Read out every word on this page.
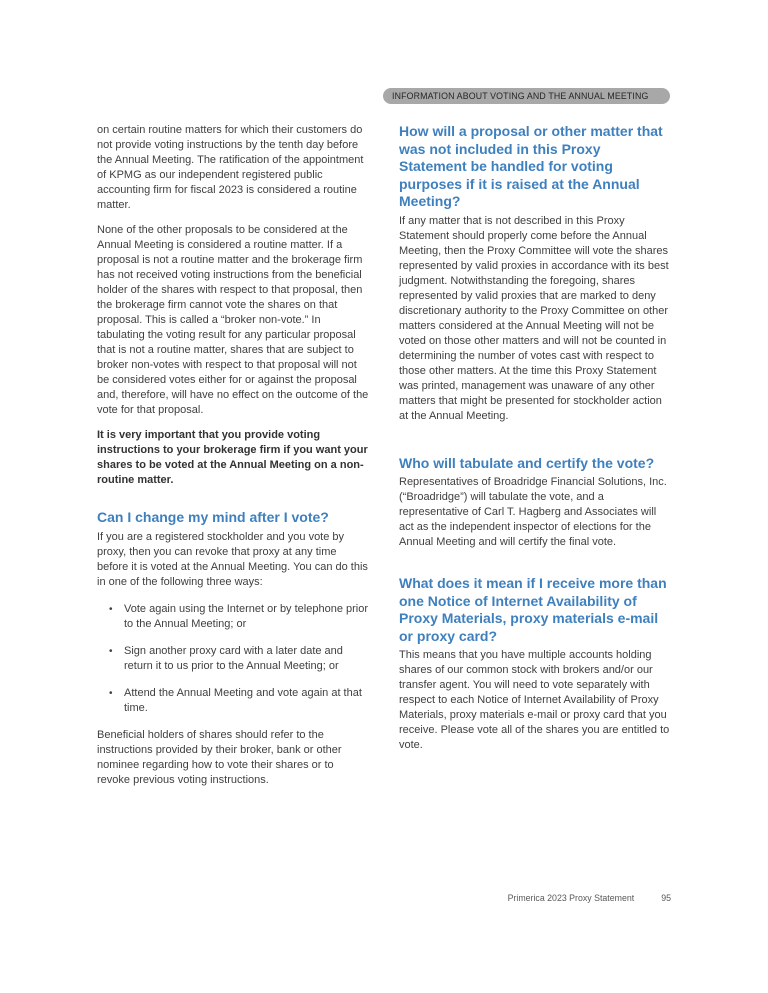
INFORMATION ABOUT VOTING AND THE ANNUAL MEETING

on certain routine matters for which their customers do not provide voting instructions by the tenth day before the Annual Meeting. The ratification of the appointment of KPMG as our independent registered public accounting firm for fiscal 2023 is considered a routine matter.

None of the other proposals to be considered at the Annual Meeting is considered a routine matter. If a proposal is not a routine matter and the brokerage firm has not received voting instructions from the beneficial holder of the shares with respect to that proposal, then the brokerage firm cannot vote the shares on that proposal. This is called a “broker non-vote.” In tabulating the voting result for any particular proposal that is not a routine matter, shares that are subject to broker non-votes with respect to that proposal will not be considered votes either for or against the proposal and, therefore, will have no effect on the outcome of the vote for that proposal.

It is very important that you provide voting instructions to your brokerage firm if you want your shares to be voted at the Annual Meeting on a non-routine matter.

Can I change my mind after I vote?

If you are a registered stockholder and you vote by proxy, then you can revoke that proxy at any time before it is voted at the Annual Meeting. You can do this in one of the following three ways:

•	Vote again using the Internet or by telephone prior to the Annual Meeting; or
•	Sign another proxy card with a later date and return it to us prior to the Annual Meeting; or
•	Attend the Annual Meeting and vote again at that time.

Beneficial holders of shares should refer to the instructions provided by their broker, bank or other nominee regarding how to vote their shares or to revoke previous voting instructions.

How will a proposal or other matter that was not included in this Proxy Statement be handled for voting purposes if it is raised at the Annual Meeting?

If any matter that is not described in this Proxy Statement should properly come before the Annual Meeting, then the Proxy Committee will vote the shares represented by valid proxies in accordance with its best judgment. Notwithstanding the foregoing, shares represented by valid proxies that are marked to deny discretionary authority to the Proxy Committee on other matters considered at the Annual Meeting will not be voted on those other matters and will not be counted in determining the number of votes cast with respect to those other matters. At the time this Proxy Statement was printed, management was unaware of any other matters that might be presented for stockholder action at the Annual Meeting.

Who will tabulate and certify the vote?

Representatives of Broadridge Financial Solutions, Inc. (“Broadridge”) will tabulate the vote, and a representative of Carl T. Hagberg and Associates will act as the independent inspector of elections for the Annual Meeting and will certify the final vote.

What does it mean if I receive more than one Notice of Internet Availability of Proxy Materials, proxy materials e-mail or proxy card?

This means that you have multiple accounts holding shares of our common stock with brokers and/or our transfer agent. You will need to vote separately with respect to each Notice of Internet Availability of Proxy Materials, proxy materials e-mail or proxy card that you receive. Please vote all of the shares you are entitled to vote.

Primerica 2023 Proxy Statement	95
